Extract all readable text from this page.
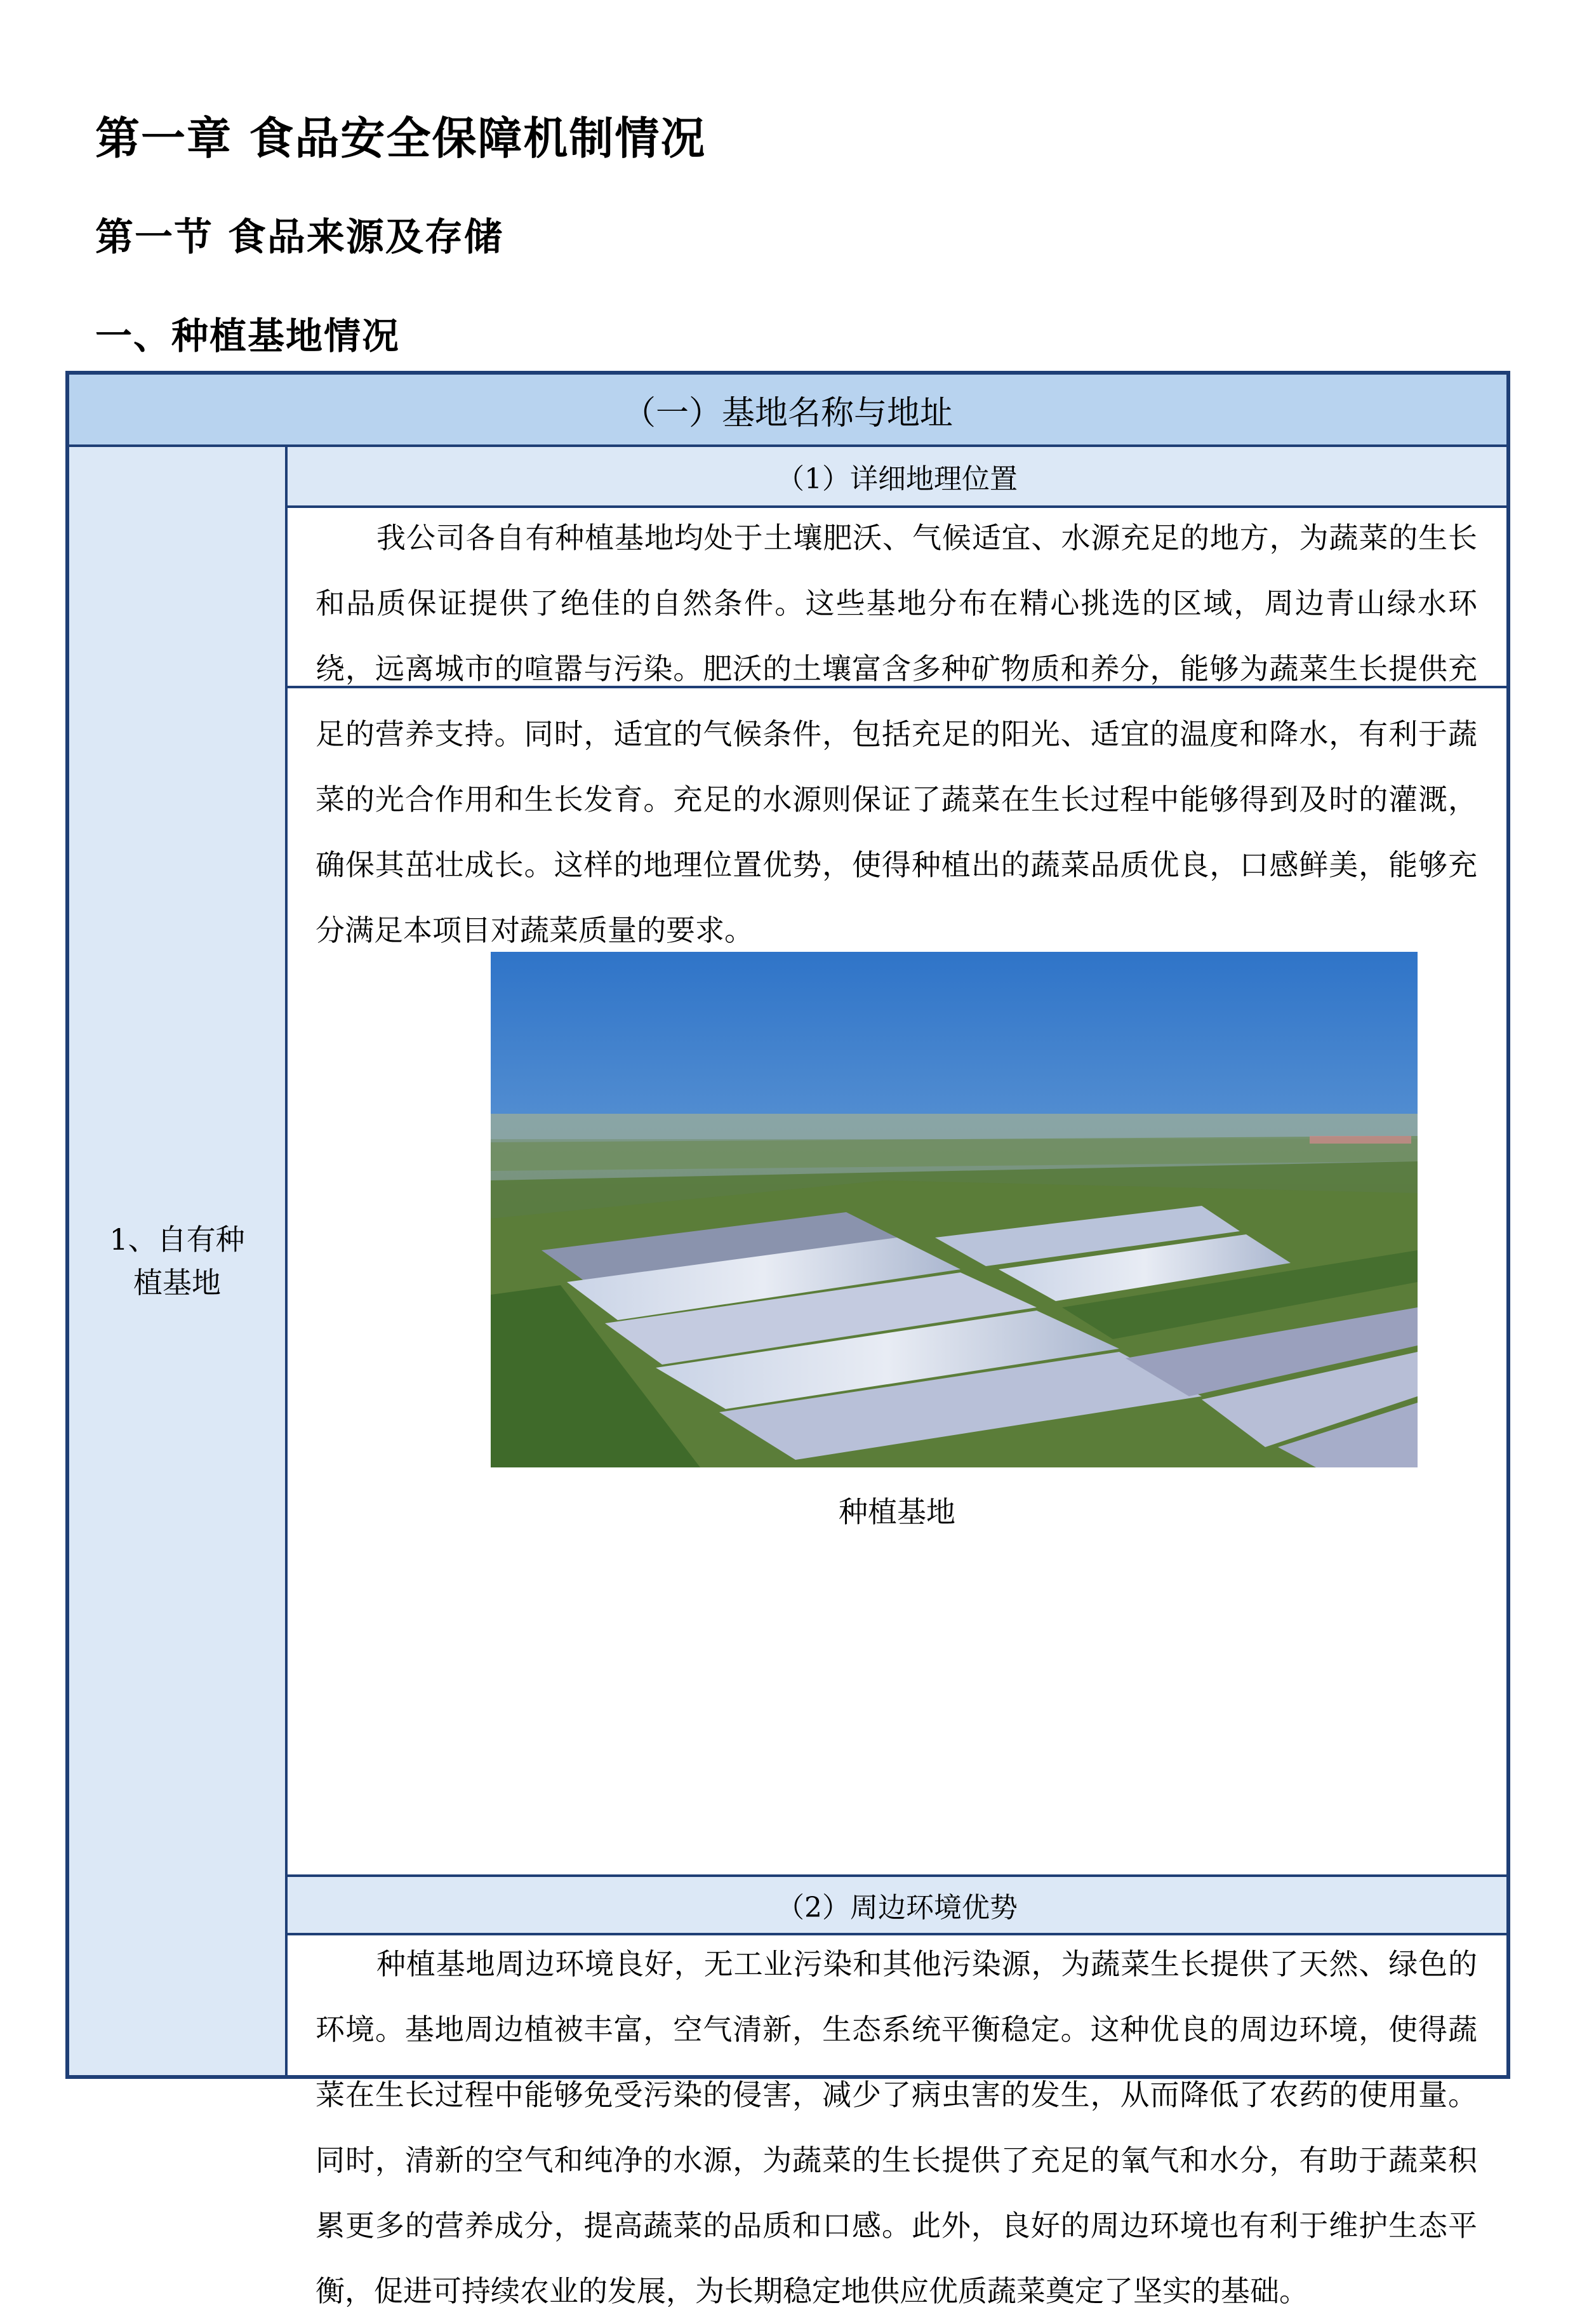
第一章 食品安全保障机制情况
第一节 食品来源及存储
一、种植基地情况
（一）基地名称与地址
1、自有种植基地
（1）详细地理位置
我公司各自有种植基地均处于土壤肥沃、气候适宜、水源充足的地方，为蔬菜的生长和品质保证提供了绝佳的自然条件。这些基地分布在精心挑选的区域，周边青山绿水环绕，远离城市的喧嚣与污染。肥沃的土壤富含多种矿物质和养分，能够为蔬菜生长提供充足的营养支持。同时，适宜的气候条件，包括充足的阳光、适宜的温度和降水，有利于蔬菜的光合作用和生长发育。充足的水源则保证了蔬菜在生长过程中能够得到及时的灌溉，确保其茁壮成长。这样的地理位置优势，使得种植出的蔬菜品质优良，口感鲜美，能够充分满足本项目对蔬菜质量的要求。
种植基地
（2）周边环境优势
种植基地周边环境良好，无工业污染和其他污染源，为蔬菜生长提供了天然、绿色的环境。基地周边植被丰富，空气清新，生态系统平衡稳定。这种优良的周边环境，使得蔬菜在生长过程中能够免受污染的侵害，减少了病虫害的发生，从而降低了农药的使用量。同时，清新的空气和纯净的水源，为蔬菜的生长提供了充足的氧气和水分，有助于蔬菜积累更多的营养成分，提高蔬菜的品质和口感。此外，良好的周边环境也有利于维护生态平衡，促进可持续农业的发展，为长期稳定地供应优质蔬菜奠定了坚实的基础。
